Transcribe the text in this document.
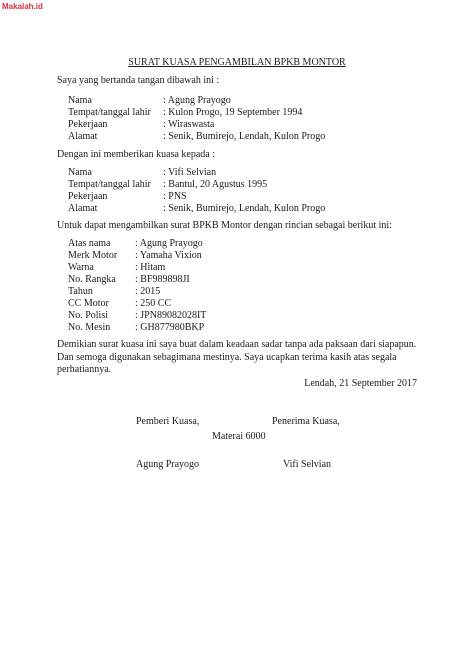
Makalah.id
SURAT KUASA PENGAMBILAN BPKB MONTOR
Saya yang bertanda tangan dibawah ini :
Nama	: Agung Prayogo
Tempat/tanggal lahir : Kulon Progo, 19 September 1994
Pekerjaan	: Wiraswasta
Alamat	: Senik, Bumirejo, Lendah, Kulon Progo
Dengan ini memberikan kuasa kepada :
Nama	: Vifi Selvian
Tempat/tanggal lahir : Bantul, 20 Agustus 1995
Pekerjaan	: PNS
Alamat	: Senik, Bumirejo, Lendah, Kulon Progo
Untuk dapat mengambilkan surat BPKB Montor dengan rincian sebagai berikut ini:
Atas nama : Agung Prayogo
Merk Motor : Yamaha Vixion
Warna	: Hitam
No. Rangka : BF989898JI
Tahun	: 2015
CC Motor	: 250 CC
No. Polisi	: JPN89082028IT
No. Mesin : GH877980BKP
Demikian surat kuasa ini saya buat dalam keadaan sadar tanpa ada paksaan dari siapapun. Dan semoga digunakan sebagimana mestinya. Saya ucapkan terima kasih atas segala perhatiannya.
Lendah, 21 September 2017
Pemberi Kuasa,	Penerima Kuasa,
Materai 6000
Agung Prayogo	Vifi Selvian
